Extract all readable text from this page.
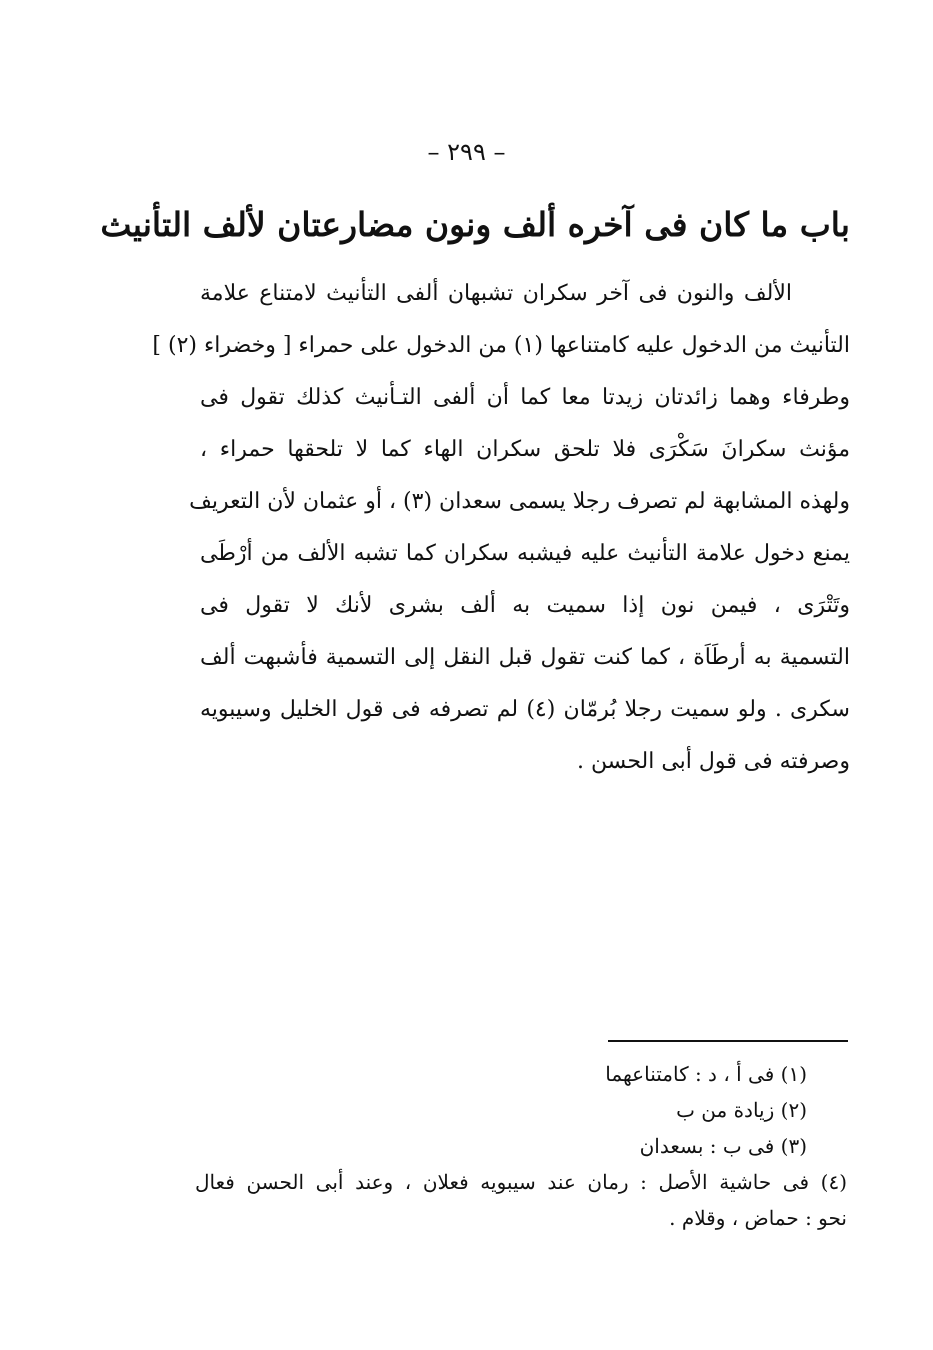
– ٢٩٩ –
باب ما كان فى آخره ألف ونون مضارعتان لألف التأنيث
الألف والنون فى آخر سكران تشبهان ألفى التأنيث لامتناع علامة
التأنيث من الدخول عليه كامتناعها (١) من الدخول على حمراء [ وخضراء (٢) ]
وطرفاء وهما زائدتان زيدتا معا كما أن ألفى التـأنيث كذلك تقول فى
مؤنث سكرانَ سَكْرَى فلا تلحق سكران الهاء كما لا تلحقها حمراء ،
ولهذه المشابهة لم تصرف رجلا يسمى سعدان (٣) ، أو عثمان لأن التعريف
يمنع دخول علامة التأنيث عليه فيشبه سكران كما تشبه الألف من أرْطَى
وتَتْرَى ، فيمن نون إذا سميت به ألف بشرى لأنك لا تقول فى
التسمية به أرطَاَة ، كما كنت تقول قبل النقل إلى التسمية فأشبهت ألف
سكرى . ولو سميت رجلا بُرمّان (٤) لم تصرفه فى قول الخليل وسيبويه
وصرفته فى قول أبى الحسن .
(١) فى أ ، د : كامتناعهما
(٢) زيادة من ب
(٣) فى ب : بسعدان
(٤) فى حاشية الأصل : رمان عند سيبويه فعلان ، وعند أبى الحسن فعال
نحو : حماض ، وقلام .
